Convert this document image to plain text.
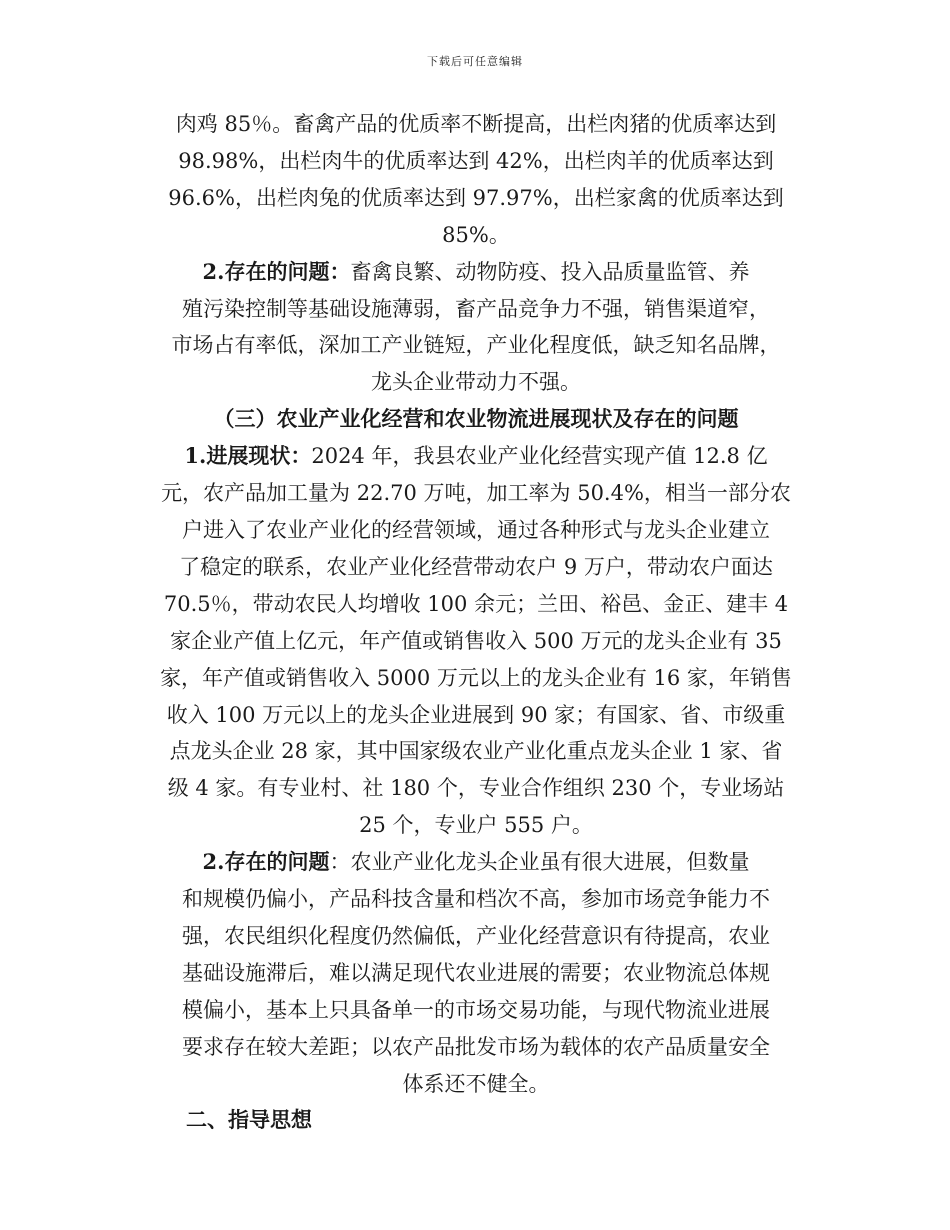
下载后可任意编辑

肉鸡 85％。畜禽产品的优质率不断提高，出栏肉猪的优质率达到

98.98%，出栏肉牛的优质率达到 42%，出栏肉羊的优质率达到

96.6%，出栏肉兔的优质率达到 97.97%，出栏家禽的优质率达到

85%。

2.存在的问题：畜禽良繁、动物防疫、投入品质量监管、养

殖污染控制等基础设施薄弱，畜产品竞争力不强，销售渠道窄，

市场占有率低，深加工产业链短，产业化程度低，缺乏知名品牌，

龙头企业带动力不强。

（三）农业产业化经营和农业物流进展现状及存在的问题

1.进展现状：2024 年，我县农业产业化经营实现产值 12.8 亿

元，农产品加工量为 22.70 万吨，加工率为 50.4%，相当一部分农

户进入了农业产业化的经营领域，通过各种形式与龙头企业建立

了稳定的联系，农业产业化经营带动农户 9 万户，带动农户面达

70.5％，带动农民人均增收 100 余元；兰田、裕邑、金正、建丰 4

家企业产值上亿元，年产值或销售收入 500 万元的龙头企业有 35

家，年产值或销售收入 5000 万元以上的龙头企业有 16 家，年销售

收入 100 万元以上的龙头企业进展到 90 家；有国家、省、市级重

点龙头企业 28 家，其中国家级农业产业化重点龙头企业 1 家、省

级 4 家。有专业村、社 180 个，专业合作组织 230 个，专业场站

25 个，专业户 555 户。

2.存在的问题：农业产业化龙头企业虽有很大进展，但数量

和规模仍偏小，产品科技含量和档次不高，参加市场竞争能力不

强，农民组织化程度仍然偏低，产业化经营意识有待提高，农业

基础设施滞后，难以满足现代农业进展的需要；农业物流总体规

模偏小，基本上只具备单一的市场交易功能，与现代物流业进展

要求存在较大差距；以农产品批发市场为载体的农产品质量安全

体系还不健全。

二、指导思想
